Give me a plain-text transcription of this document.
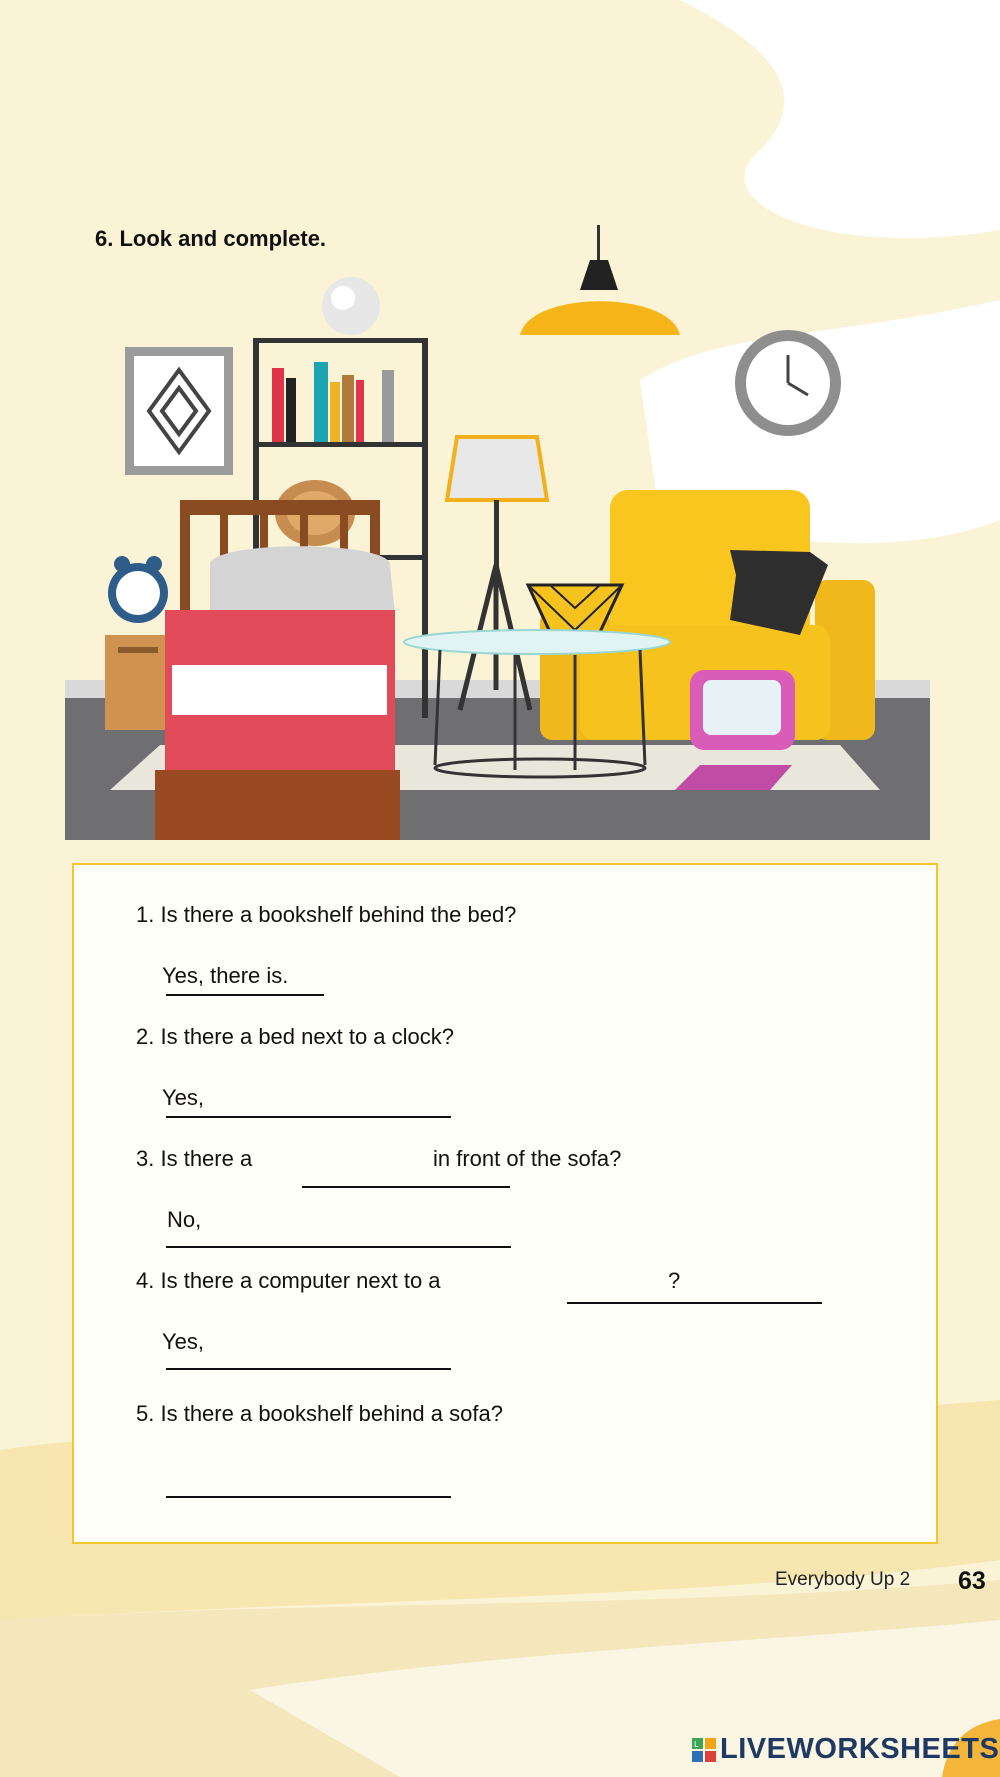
6. Look and complete.
1. Is there a bookshelf behind the bed?
Yes, there is.
2. Is there a bed next to a clock?
Yes,
3. Is there a	in front of the sofa?
No,
4. Is there a computer next to a	?
Yes,
5. Is there a bookshelf behind a sofa?
Everybody Up 2 63
L LIVEWORKSHEETS
